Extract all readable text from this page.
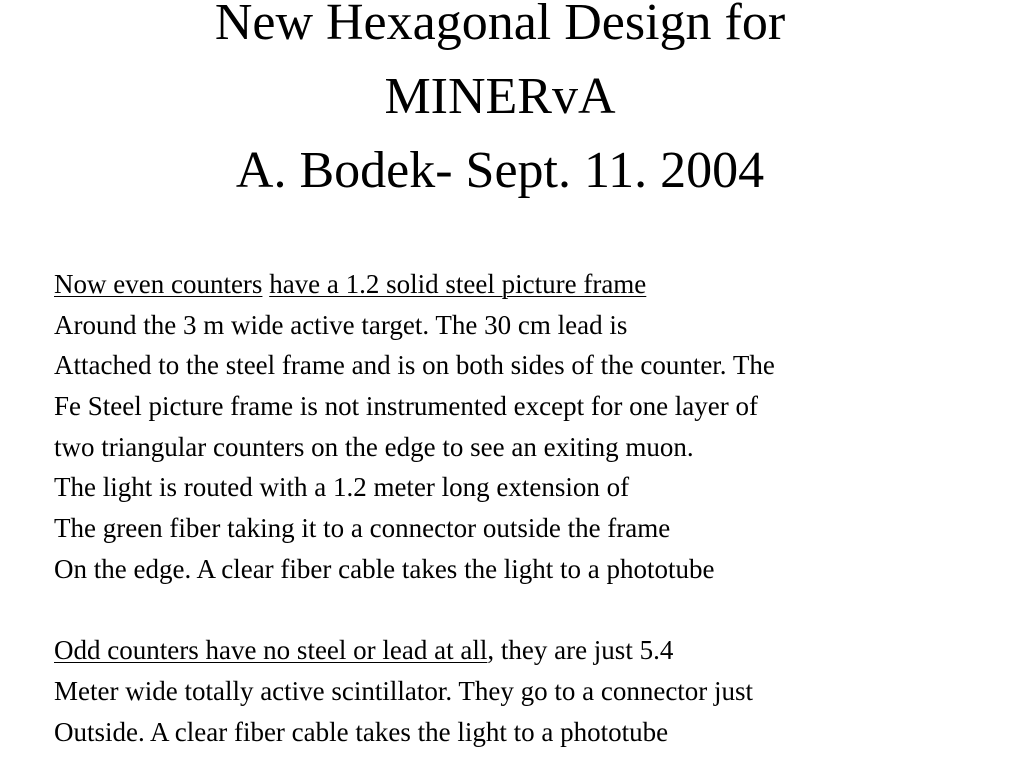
New Hexagonal Design for
MINERvA
A. Bodek- Sept. 11. 2004
Now even counters have a 1.2 solid steel picture frame
Around the 3 m wide active target. The 30 cm lead is
Attached to the steel frame and is on both sides of the counter. The
Fe Steel picture frame is not instrumented except for one layer of
two triangular counters on the edge to see an exiting muon.
The light is routed with a 1.2 meter long extension of
The green fiber taking it to a connector outside the frame
On the edge. A clear fiber cable takes the light to a phototube
Odd counters have no steel or lead at all, they are just 5.4
Meter wide totally active scintillator. They go to a connector just
Outside. A clear fiber cable takes the light to a phototube
